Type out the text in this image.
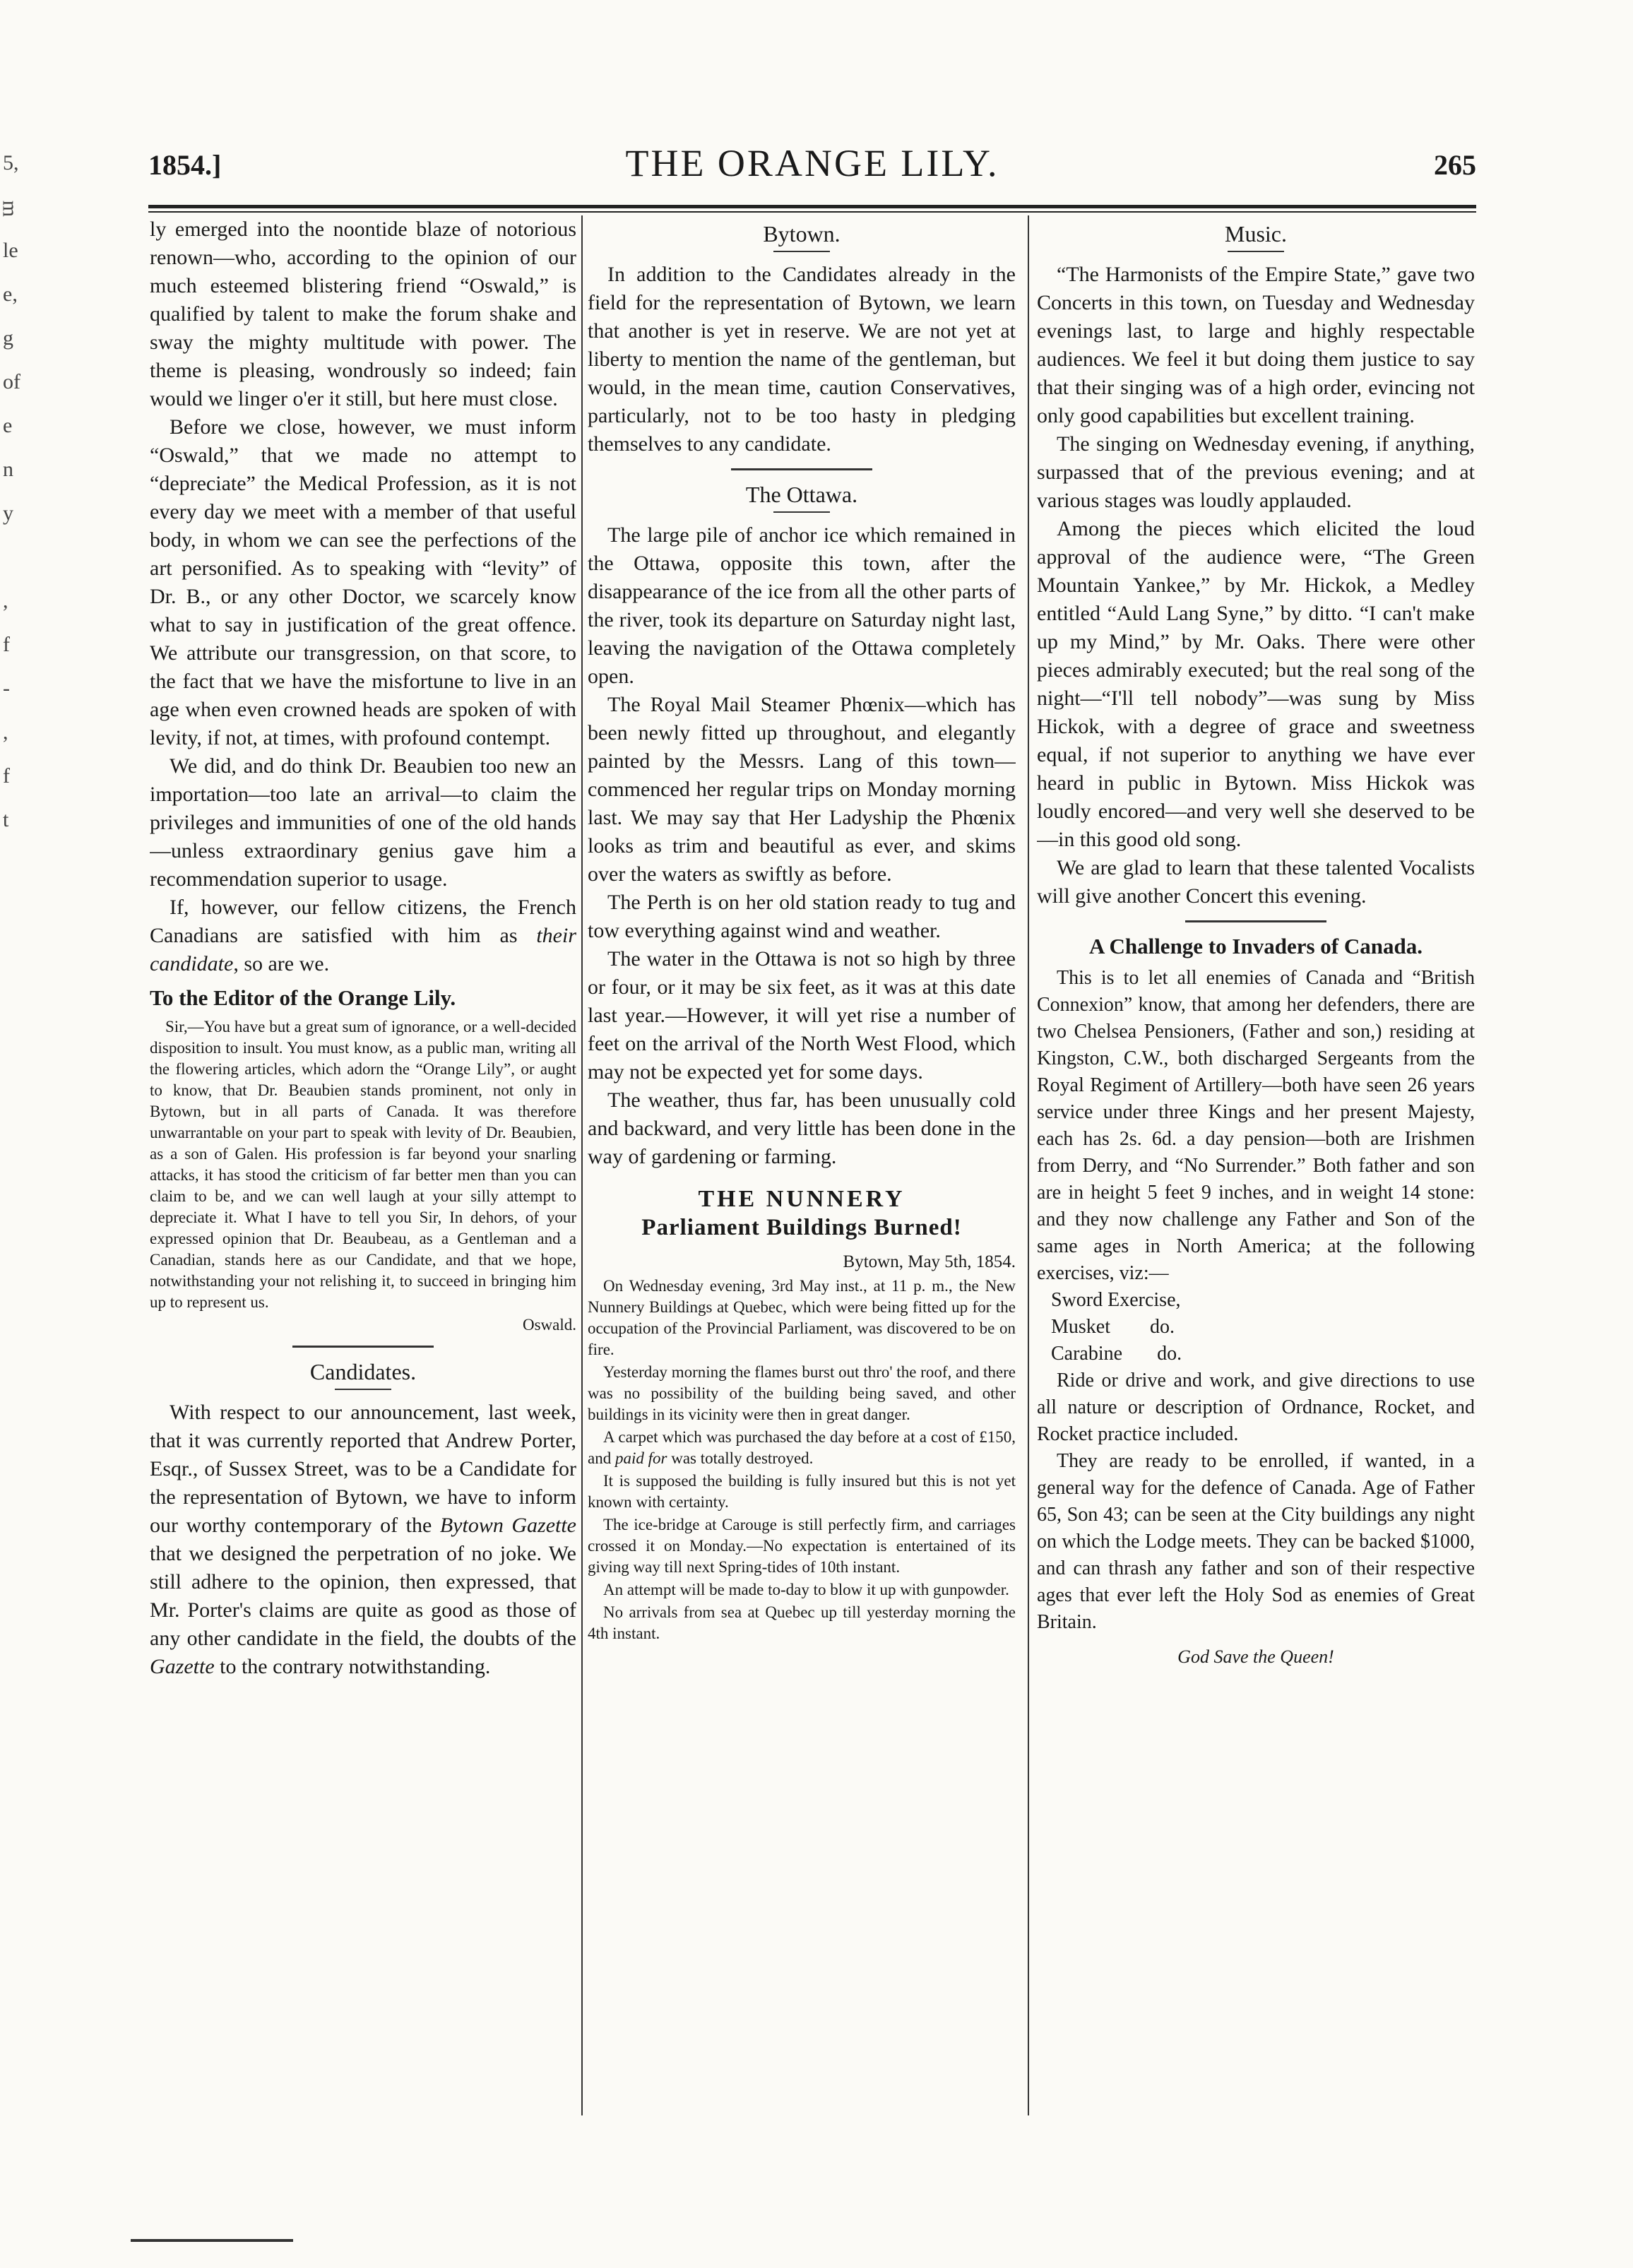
5,
ᴟ
le
e,
g
of
e
n
y

,
f
-
,
f
t
1854.]	THE ORANGE LILY.	265

ly emerged into the noontide blaze of notorious renown—who, according to the opinion of our much esteemed blistering friend “Oswald,” is qualified by talent to make the forum shake and sway the mighty multitude with power. The theme is pleasing, wondrously so indeed; fain would we linger o'er it still, but here must close.

Before we close, however, we must inform “Oswald,” that we made no attempt to “depreciate” the Medical Profession, as it is not every day we meet with a member of that useful body, in whom we can see the perfections of the art personified. As to speaking with “levity” of Dr. B., or any other Doctor, we scarcely know what to say in justification of the great offence. We attribute our transgression, on that score, to the fact that we have the misfortune to live in an age when even crowned heads are spoken of with levity, if not, at times, with profound contempt.

We did, and do think Dr. Beaubien too new an importation—too late an arrival—to claim the privileges and immunities of one of the old hands—unless extraordinary genius gave him a recommendation superior to usage.

If, however, our fellow citizens, the French Canadians are satisfied with him as their candidate, so are we.

To the Editor of the Orange Lily.

Sir,—You have but a great sum of ignorance, or a well-decided disposition to insult. You must know, as a public man, writing all the flowering articles, which adorn the “Orange Lily”, or aught to know, that Dr. Beaubien stands prominent, not only in Bytown, but in all parts of Canada. It was therefore unwarrantable on your part to speak with levity of Dr. Beaubien, as a son of Galen. His profession is far beyond your snarling attacks, it has stood the criticism of far better men than you can claim to be, and we can well laugh at your silly attempt to depreciate it. What I have to tell you Sir, In dehors, of your expressed opinion that Dr. Beaubeau, as a Gentleman and a Canadian, stands here as our Candidate, and that we hope, notwithstanding your not relishing it, to succeed in bringing him up to represent us.

Oswald.
Candidates.

With respect to our announcement, last week, that it was currently reported that Andrew Porter, Esqr., of Sussex Street, was to be a Candidate for the representation of Bytown, we have to inform our worthy contemporary of the Bytown Gazette that we designed the perpetration of no joke. We still adhere to the opinion, then expressed, that Mr. Porter's claims are quite as good as those of any other candidate in the field, the doubts of the Gazette to the contrary notwithstanding.

Bytown.

In addition to the Candidates already in the field for the representation of Bytown, we learn that another is yet in reserve. We are not yet at liberty to mention the name of the gentleman, but would, in the mean time, caution Conservatives, particularly, not to be too hasty in pledging themselves to any candidate.

The Ottawa.

The large pile of anchor ice which remained in the Ottawa, opposite this town, after the disappearance of the ice from all the other parts of the river, took its departure on Saturday night last, leaving the navigation of the Ottawa completely open.

The Royal Mail Steamer Phœnix—which has been newly fitted up throughout, and elegantly painted by the Messrs. Lang of this town—commenced her regular trips on Monday morning last. We may say that Her Ladyship the Phœnix looks as trim and beautiful as ever, and skims over the waters as swiftly as before.

The Perth is on her old station ready to tug and tow everything against wind and weather.

The water in the Ottawa is not so high by three or four, or it may be six feet, as it was at this date last year.—However, it will yet rise a number of feet on the arrival of the North West Flood, which may not be expected yet for some days.

The weather, thus far, has been unusually cold and backward, and very little has been done in the way of gardening or farming.

THE NUNNERY
Parliament Buildings Burned!
Bytown, May 5th, 1854.

On Wednesday evening, 3rd May inst., at 11 p. m., the New Nunnery Buildings at Quebec, which were being fitted up for the occupation of the Provincial Parliament, was discovered to be on fire.

Yesterday morning the flames burst out thro' the roof, and there was no possibility of the building being saved, and other buildings in its vicinity were then in great danger.

A carpet which was purchased the day before at a cost of £150, and paid for was totally destroyed.

It is supposed the building is fully insured but this is not yet known with certainty.

The ice-bridge at Carouge is still perfectly firm, and carriages crossed it on Monday.—No expectation is entertained of its giving way till next Spring-tides of 10th instant.

An attempt will be made to-day to blow it up with gunpowder.

No arrivals from sea at Quebec up till yesterday morning the 4th instant.

Music.

“The Harmonists of the Empire State,” gave two Concerts in this town, on Tuesday and Wednesday evenings last, to large and highly respectable audiences. We feel it but doing them justice to say that their singing was of a high order, evincing not only good capabilities but excellent training.

The singing on Wednesday evening, if anything, surpassed that of the previous evening; and at various stages was loudly applauded.

Among the pieces which elicited the loud approval of the audience were, “The Green Mountain Yankee,” by Mr. Hickok, a Medley entitled “Auld Lang Syne,” by ditto. “I can't make up my Mind,” by Mr. Oaks. There were other pieces admirably executed; but the real song of the night—“I'll tell nobody”—was sung by Miss Hickok, with a degree of grace and sweetness equal, if not superior to anything we have ever heard in public in Bytown. Miss Hickok was loudly encored—and very well she deserved to be—in this good old song.

We are glad to learn that these talented Vocalists will give another Concert this evening.

A Challenge to Invaders of Canada.

This is to let all enemies of Canada and “British Connexion” know, that among her defenders, there are two Chelsea Pensioners, (Father and son,) residing at Kingston, C.W., both discharged Sergeants from the Royal Regiment of Artillery—both have seen 26 years service under three Kings and her present Majesty, each has 2s. 6d. a day pension—both are Irishmen from Derry, and “No Surrender.” Both father and son are in height 5 feet 9 inches, and in weight 14 stone: and they now challenge any Father and Son of the same ages in North America; at the following exercises, viz:—

Sword Exercise,
Musket        do.
Carabine       do.

Ride or drive and work, and give directions to use all nature or description of Ordnance, Rocket, and Rocket practice included.

They are ready to be enrolled, if wanted, in a general way for the defence of Canada. Age of Father 65, Son 43; can be seen at the City buildings any night on which the Lodge meets. They can be backed $1000, and can thrash any father and son of their respective ages that ever left the Holy Sod as enemies of Great Britain.

God Save the Queen!
